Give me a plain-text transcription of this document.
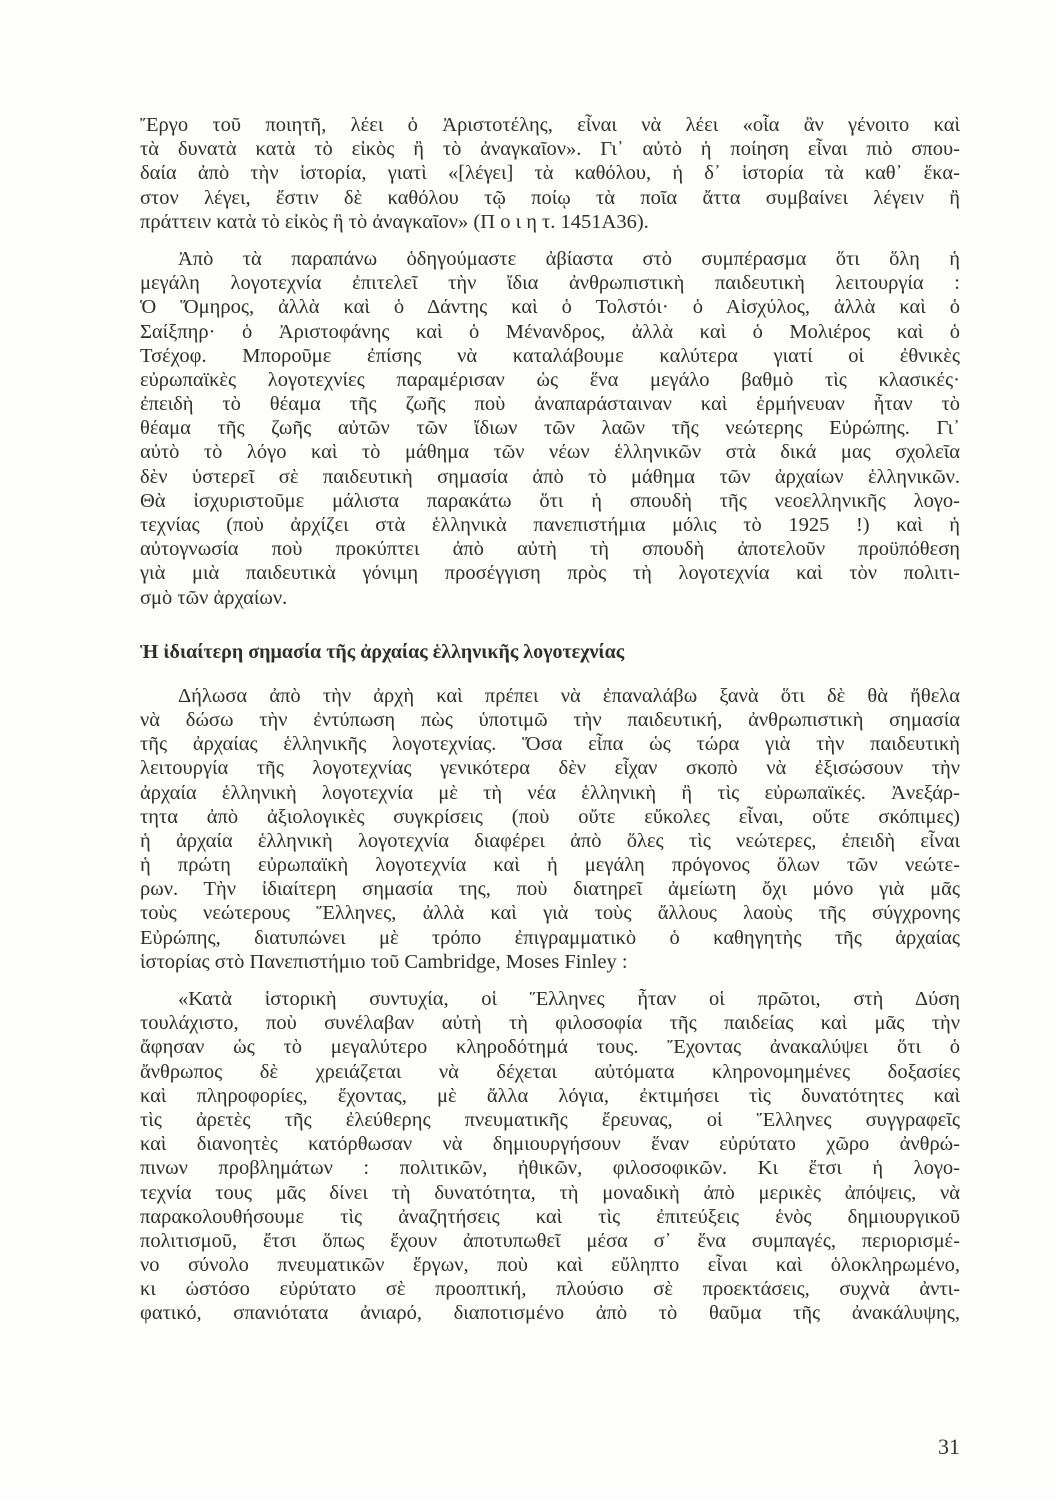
Ἔργο τοῦ ποιητῆ, λέει ὁ Ἀριστοτέλης, εἶναι νὰ λέει «οἷα ἂν γένοιτο καὶ
τὰ δυνατὰ κατὰ τὸ εἰκὸς ἢ τὸ ἀναγκαῖον». Γι᾽ αὐτὸ ἡ ποίηση εἶναι πιὸ σπου-
δαία ἀπὸ τὴν ἱστορία, γιατὶ «[λέγει] τὰ καθόλου, ἡ δ᾽ ἱστορία τὰ καθ᾽ ἕκα-
στον λέγει, ἔστιν δὲ καθόλου τῷ ποίῳ τὰ ποῖα ἄττα συμβαίνει λέγειν ἢ
πράττειν κατὰ τὸ εἰκὸς ἢ τὸ ἀναγκαῖον» (Π ο ι η τ. 1451A36).
Ἀπὸ τὰ παραπάνω ὁδηγούμαστε ἀβίαστα στὸ συμπέρασμα ὅτι ὅλη ἡ
μεγάλη λογοτεχνία ἐπιτελεῖ τὴν ἴδια ἀνθρωπιστικὴ παιδευτικὴ λειτουργία :
Ὁ Ὅμηρος, ἀλλὰ καὶ ὁ Δάντης καὶ ὁ Τολστόι· ὁ Αἰσχύλος, ἀλλὰ καὶ ὁ
Σαίξπηρ· ὁ Ἀριστοφάνης καὶ ὁ Μένανδρος, ἀλλὰ καὶ ὁ Μολιέρος καὶ ὁ
Τσέχοφ. Μποροῦμε ἐπίσης νὰ καταλάβουμε καλύτερα γιατί οἱ ἐθνικὲς
εὐρωπαϊκὲς λογοτεχνίες παραμέρισαν ὡς ἕνα μεγάλο βαθμὸ τὶς κλασικές·
ἐπειδὴ τὸ θέαμα τῆς ζωῆς ποὺ ἀναπαράσταιναν καὶ ἑρμήνευαν ἦταν τὸ
θέαμα τῆς ζωῆς αὐτῶν τῶν ἴδιων τῶν λαῶν τῆς νεώτερης Εὐρώπης. Γι᾽
αὐτὸ τὸ λόγο καὶ τὸ μάθημα τῶν νέων ἑλληνικῶν στὰ δικά μας σχολεῖα
δὲν ὑστερεῖ σὲ παιδευτικὴ σημασία ἀπὸ τὸ μάθημα τῶν ἀρχαίων ἑλληνικῶν.
Θὰ ἰσχυριστοῦμε μάλιστα παρακάτω ὅτι ἡ σπουδὴ τῆς νεοελληνικῆς λογο-
τεχνίας (ποὺ ἀρχίζει στὰ ἑλληνικὰ πανεπιστήμια μόλις τὸ 1925 !) καὶ ἡ
αὐτογνωσία ποὺ προκύπτει ἀπὸ αὐτὴ τὴ σπουδὴ ἀποτελοῦν προϋπόθεση
γιὰ μιὰ παιδευτικὰ γόνιμη προσέγγιση πρὸς τὴ λογοτεχνία καὶ τὸν πολιτι-
σμὸ τῶν ἀρχαίων.
Ἡ ἰδιαίτερη σημασία τῆς ἀρχαίας ἑλληνικῆς λογοτεχνίας
Δήλωσα ἀπὸ τὴν ἀρχὴ καὶ πρέπει νὰ ἐπαναλάβω ξανὰ ὅτι δὲ θὰ ἤθελα
νὰ δώσω τὴν ἐντύπωση πὼς ὑποτιμῶ τὴν παιδευτική, ἀνθρωπιστικὴ σημασία
τῆς ἀρχαίας ἑλληνικῆς λογοτεχνίας. Ὅσα εἶπα ὡς τώρα γιὰ τὴν παιδευτικὴ
λειτουργία τῆς λογοτεχνίας γενικότερα δὲν εἶχαν σκοπὸ νὰ ἐξισώσουν τὴν
ἀρχαία ἑλληνικὴ λογοτεχνία μὲ τὴ νέα ἑλληνικὴ ἢ τὶς εὐρωπαϊκές. Ἀνεξάρ-
τητα ἀπὸ ἀξιολογικὲς συγκρίσεις (ποὺ οὔτε εὔκολες εἶναι, οὔτε σκόπιμες)
ἡ ἀρχαία ἑλληνικὴ λογοτεχνία διαφέρει ἀπὸ ὅλες τὶς νεώτερες, ἐπειδὴ εἶναι
ἡ πρώτη εὐρωπαϊκὴ λογοτεχνία καὶ ἡ μεγάλη πρόγονος ὅλων τῶν νεώτε-
ρων. Τὴν ἰδιαίτερη σημασία της, ποὺ διατηρεῖ ἀμείωτη ὄχι μόνο γιὰ μᾶς
τοὺς νεώτερους Ἕλληνες, ἀλλὰ καὶ γιὰ τοὺς ἄλλους λαοὺς τῆς σύγχρονης
Εὐρώπης, διατυπώνει μὲ τρόπο ἐπιγραμματικὸ ὁ καθηγητὴς τῆς ἀρχαίας
ἱστορίας στὸ Πανεπιστήμιο τοῦ Cambridge, Moses Finley :
«Κατὰ ἱστορικὴ συντυχία, οἱ Ἕλληνες ἦταν οἱ πρῶτοι, στὴ Δύση
τουλάχιστο, ποὺ συνέλαβαν αὐτὴ τὴ φιλοσοφία τῆς παιδείας καὶ μᾶς τὴν
ἄφησαν ὡς τὸ μεγαλύτερο κληροδότημά τους. Ἔχοντας ἀνακαλύψει ὅτι ὁ
ἄνθρωπος δὲ χρειάζεται νὰ δέχεται αὐτόματα κληρονομημένες δοξασίες
καὶ πληροφορίες, ἔχοντας, μὲ ἄλλα λόγια, ἐκτιμήσει τὶς δυνατότητες καὶ
τὶς ἀρετὲς τῆς ἐλεύθερης πνευματικῆς ἔρευνας, οἱ Ἕλληνες συγγραφεῖς
καὶ διανοητὲς κατόρθωσαν νὰ δημιουργήσουν ἕναν εὐρύτατο χῶρο ἀνθρώ-
πινων προβλημάτων : πολιτικῶν, ἠθικῶν, φιλοσοφικῶν. Κι ἔτσι ἡ λογο-
τεχνία τους μᾶς δίνει τὴ δυνατότητα, τὴ μοναδικὴ ἀπὸ μερικὲς ἀπόψεις, νὰ
παρακολουθήσουμε τὶς ἀναζητήσεις καὶ τὶς ἐπιτεύξεις ἑνὸς δημιουργικοῦ
πολιτισμοῦ, ἔτσι ὅπως ἔχουν ἀποτυπωθεῖ μέσα σ᾽ ἕνα συμπαγές, περιορισμέ-
νο σύνολο πνευματικῶν ἔργων, ποὺ καὶ εὔληπτο εἶναι καὶ ὁλοκληρωμένο,
κι ὡστόσο εὐρύτατο σὲ προοπτική, πλούσιο σὲ προεκτάσεις, συχνὰ ἀντι-
φατικό, σπανιότατα ἀνιαρό, διαποτισμένο ἀπὸ τὸ θαῦμα τῆς ἀνακάλυψης,
31
